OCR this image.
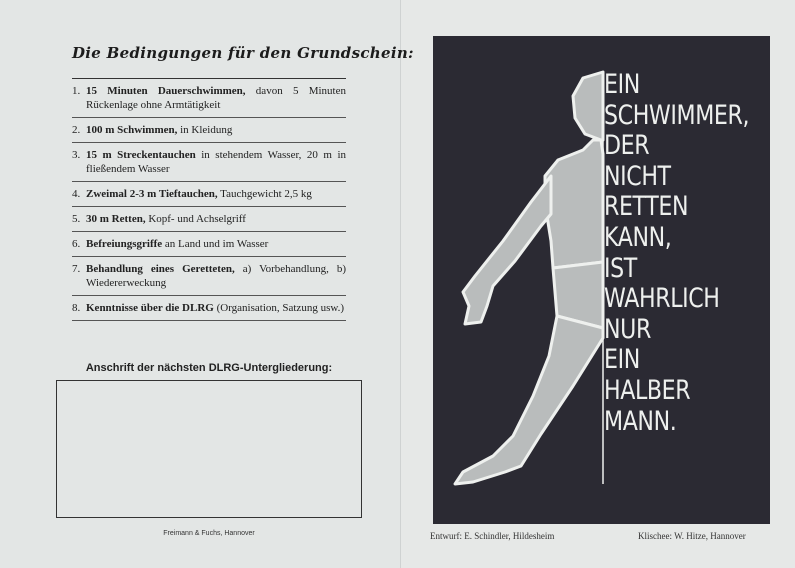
Die Bedingungen für den Grundschein:
1. 15 Minuten Dauerschwimmen, davon 5 Minuten Rückenlage ohne Armtätigkeit
2. 100 m Schwimmen, in Kleidung
3. 15 m Streckentauchen in stehendem Wasser, 20 m in fließendem Wasser
4. Zweimal 2-3 m Tieftauchen, Tauchgewicht 2,5 kg
5. 30 m Retten, Kopf- und Achselgriff
6. Befreiungsgriffe an Land und im Wasser
7. Behandlung eines Geretteten, a) Vorbehandlung, b) Wiedererweckung
8. Kenntnisse über die DLRG (Organisation, Satzung usw.)
Anschrift der nächsten DLRG-Untergliederung:
Freimann & Fuchs, Hannover
EIN
SCHWIMMER,
DER
NICHT
RETTEN
KANN,
IST
WAHRLICH
NUR
EIN
HALBER
MANN.
Entwurf: E. Schindler, Hildesheim	Klischee: W. Hitze, Hannover
